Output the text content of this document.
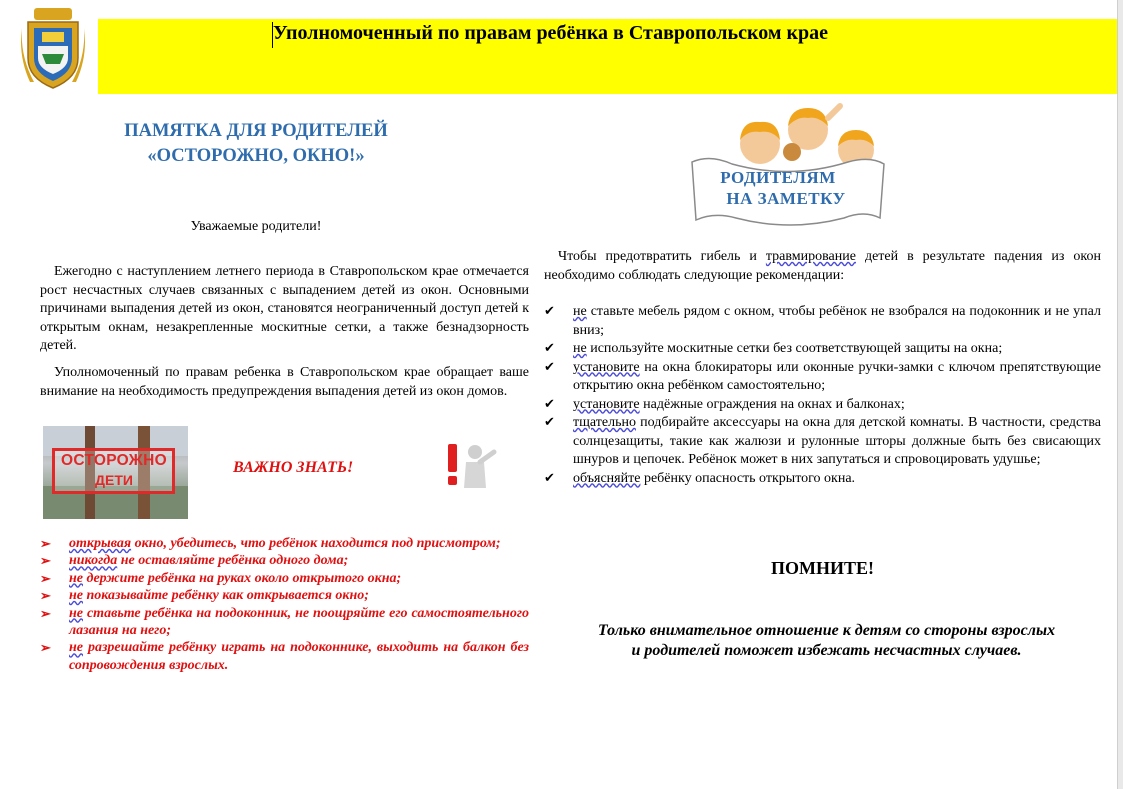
Уполномоченный по правам ребёнка в Ставропольском крае
ПАМЯТКА ДЛЯ РОДИТЕЛЕЙ
«ОСТОРОЖНО, ОКНО!»
Уважаемые родители!
 Ежегодно с наступлением летнего периода в Ставропольском крае отмечается рост несчастных случаев связанных с выпадением детей из окон. Основными причинами выпадения детей из окон, становятся неограниченный доступ детей к открытым окнам, незакрепленные москитные сетки, а также безнадзорность детей.
 Уполномоченный по правам ребенка в Ставропольском крае обращает ваше внимание на необходимость предупреждения выпадения детей из окон домов.
ОСТОРОЖНО
ДЕТИ
ВАЖНО ЗНАТЬ!
➢ открывая окно, убедитесь, что ребёнок находится под присмотром;
➢ никогда не оставляйте ребёнка одного дома;
➢ не держите ребёнка на руках около открытого окна;
➢ не показывайте ребёнку как открывается окно;
➢ не ставьте ребёнка на подоконник, не поощряйте его самостоятельного лазания на него;
➢ не разрешайте ребёнку играть на подоконнике, выходить на балкон без сопровождения взрослых.
РОДИТЕЛЯМ
НА ЗАМЕТКУ
 Чтобы предотвратить гибель и травмирование детей в результате падения из окон необходимо соблюдать следующие рекомендации:
✔ не ставьте мебель рядом с окном, чтобы ребёнок не взобрался на подоконник и не упал вниз;
✔ не используйте москитные сетки без соответствующей защиты на окна;
✔ установите на окна блокираторы или оконные ручки-замки с ключом препятствующие открытию окна ребёнком самостоятельно;
✔ установите надёжные ограждения на окнах и балконах;
✔ тщательно подбирайте аксессуары на окна для детской комнаты. В частности, средства солнцезащиты, такие как жалюзи и рулонные шторы должные быть без свисающих шнуров и цепочек. Ребёнок может в них запутаться и спровоцировать удушье;
✔ объясняйте ребёнку опасность открытого окна.
ПОМНИТЕ!
Только внимательное отношение к детям со стороны взрослых
и родителей поможет избежать несчастных случаев.
